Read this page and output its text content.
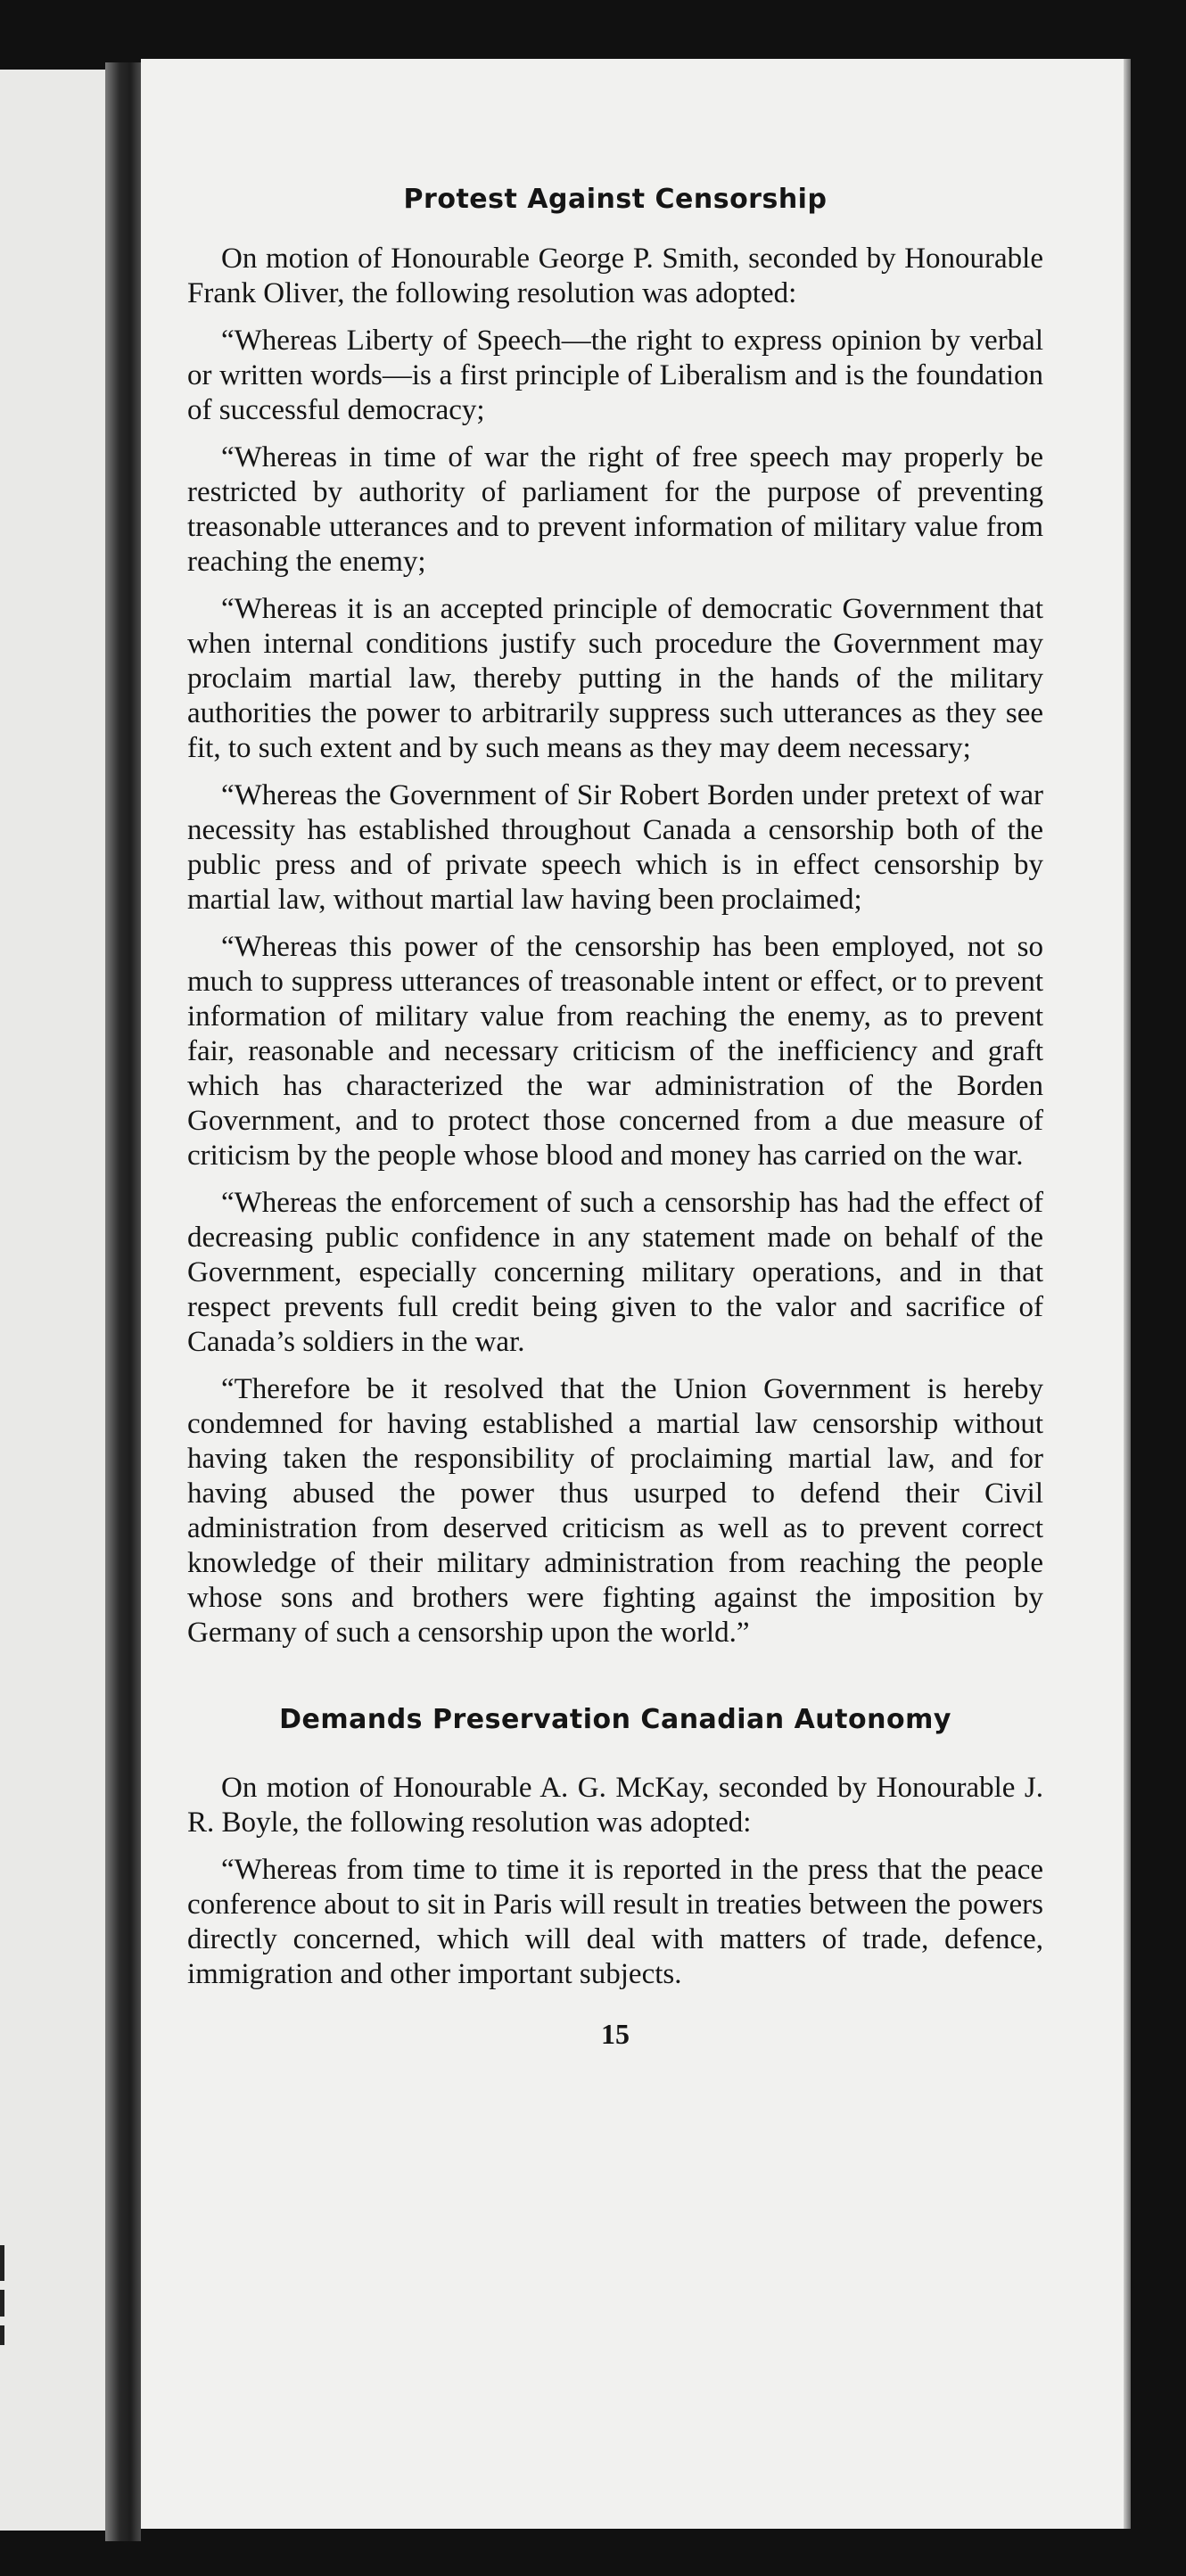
Protest Against Censorship

On motion of Honourable George P. Smith, seconded by Honourable Frank Oliver, the following resolution was adopted:

“Whereas Liberty of Speech—the right to express opinion by verbal or written words—is a first principle of Liberalism and is the foundation of successful democracy;

“Whereas in time of war the right of free speech may properly be restricted by authority of parliament for the purpose of preventing treasonable utterances and to prevent information of military value from reaching the enemy;

“Whereas it is an accepted principle of democratic Government that when internal conditions justify such procedure the Government may proclaim martial law, thereby putting in the hands of the military authorities the power to arbitrarily suppress such utterances as they see fit, to such extent and by such means as they may deem necessary;

“Whereas the Government of Sir Robert Borden under pretext of war necessity has established throughout Canada a censorship both of the public press and of private speech which is in effect censorship by martial law, without martial law having been proclaimed;

“Whereas this power of the censorship has been employed, not so much to suppress utterances of treasonable intent or effect, or to prevent information of military value from reaching the enemy, as to prevent fair, reasonable and necessary criticism of the inefficiency and graft which has characterized the war administration of the Borden Government, and to protect those concerned from a due measure of criticism by the people whose blood and money has carried on the war.

“Whereas the enforcement of such a censorship has had the effect of decreasing public confidence in any statement made on behalf of the Government, especially concerning military operations, and in that respect prevents full credit being given to the valor and sacrifice of Canada’s soldiers in the war.

“Therefore be it resolved that the Union Government is hereby condemned for having established a martial law censorship without having taken the responsibility of proclaiming martial law, and for having abused the power thus usurped to defend their Civil administration from deserved criticism as well as to prevent correct knowledge of their military administration from reaching the people whose sons and brothers were fighting against the imposition by Germany of such a censorship upon the world.”

Demands Preservation Canadian Autonomy

On motion of Honourable A. G. McKay, seconded by Honourable J. R. Boyle, the following resolution was adopted:

“Whereas from time to time it is reported in the press that the peace conference about to sit in Paris will result in treaties between the powers directly concerned, which will deal with matters of trade, defence, immigration and other important subjects.

15
